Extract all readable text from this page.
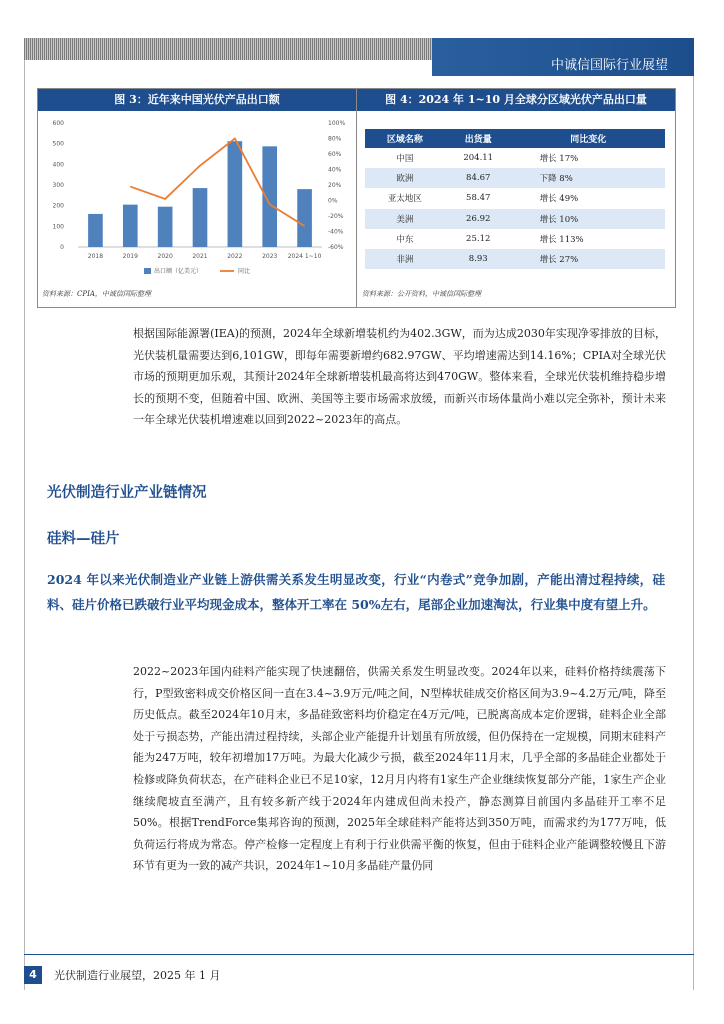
中诚信国际行业展望
图 3：近年来中国光伏产品出口额	图 4：2024 年 1~10 月全球分区域光伏产品出口量
0
100
200
300
400
500
600
-60%
-40%
-20%
0%
20%
40%
60%
80%
100%
2018	2019	2020	2021	2022	2023 2024 1~10
出口额（亿美元）	同比
区域名称	出货量	同比变化
中国	204.11	增长 17%
欧洲	84.67	下降 8%
亚太地区	58.47	增长 49%
美洲	26.92	增长 10%
中东	25.12	增长 113%
非洲	8.93	增长 27%
资料来源：CPIA，中诚信国际整理	资料来源：公开资料，中诚信国际整理

根据国际能源署(IEA)的预测，2024年全球新增装机约为402.3GW，而为达成2030年实现净零排放的目标，光伏装机量需要达到6,101GW，即每年需要新增约682.97GW、平均增速需达到14.16%；CPIA对全球光伏市场的预期更加乐观，其预计2024年全球新增装机最高将达到470GW。整体来看，全球光伏装机维持稳步增长的预期不变，但随着中国、欧洲、美国等主要市场需求放缓，而新兴市场体量尚小难以完全弥补，预计未来一年全球光伏装机增速难以回到2022~2023年的高点。

光伏制造行业产业链情况
硅料—硅片

2024 年以来光伏制造业产业链上游供需关系发生明显改变，行业“内卷式”竞争加剧，产能出清过程持续，硅料、硅片价格已跌破行业平均现金成本，整体开工率在 50%左右，尾部企业加速淘汰，行业集中度有望上升。

2022~2023年国内硅料产能实现了快速翻倍，供需关系发生明显改变。2024年以来，硅料价格持续震荡下行，P型致密料成交价格区间一直在3.4~3.9万元/吨之间，N型棒状硅成交价格区间为3.9~4.2万元/吨，降至历史低点。截至2024年10月末，多晶硅致密料均价稳定在4万元/吨，已脱离高成本定价逻辑，硅料企业全部处于亏损态势，产能出清过程持续，头部企业产能提升计划虽有所放缓，但仍保持在一定规模，同期末硅料产能为247万吨，较年初增加17万吨。为最大化减少亏损，截至2024年11月末，几乎全部的多晶硅企业都处于检修或降负荷状态，在产硅料企业已不足10家，12月月内将有1家生产企业继续恢复部分产能，1家生产企业继续爬坡直至满产，且有较多新产线于2024年内建成但尚未投产，静态测算目前国内多晶硅开工率不足50%。根据TrendForce集邦咨询的预测，2025年全球硅料产能将达到350万吨，而需求约为177万吨，低负荷运行将成为常态。停产检修一定程度上有利于行业供需平衡的恢复，但由于硅料企业产能调整较慢且下游环节有更为一致的减产共识，2024年1~10月多晶硅产量仍同

4	光伏制造行业展望，2025 年 1 月
